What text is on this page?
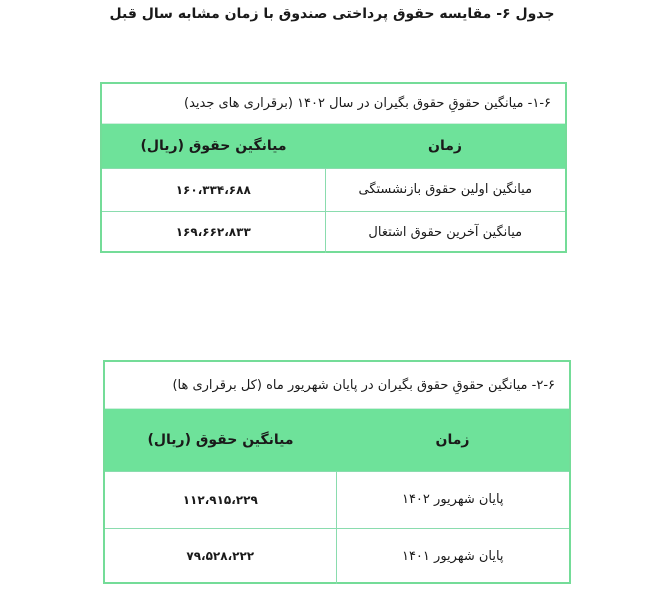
جدول ۶- مقایسه حقوق پرداختی صندوق با زمان مشابه سال قبل
۱-۶- میانگین حقوقِ حقوق بگیران در سال ۱۴۰۲ (برقراری های جدید)
زمان
میانگین حقوق (ریال)
میانگین اولین حقوق بازنشستگی
۱۶۰،۳۳۴،۶۸۸
میانگین آخرین حقوق اشتغال
۱۶۹،۶۶۲،۸۳۳
۲-۶- میانگین حقوقِ حقوق بگیران در پایان شهریور ماه (کل برقراری ها)
زمان
میانگین حقوق (ریال)
پایان شهریور ۱۴۰۲
۱۱۲،۹۱۵،۲۲۹
پایان شهریور ۱۴۰۱
۷۹،۵۲۸،۲۲۲
